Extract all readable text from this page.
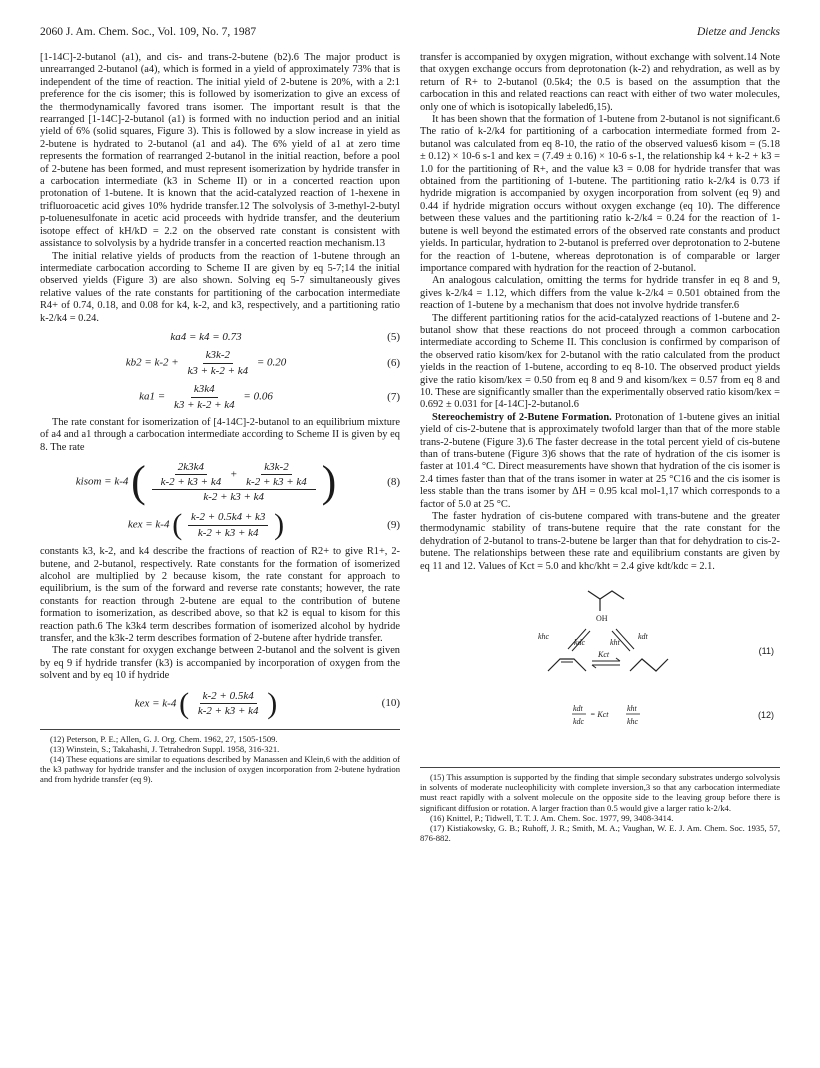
2060 J. Am. Chem. Soc., Vol. 109, No. 7, 1987	Dietze and Jencks

[1-14C]-2-butanol (a1), and cis- and trans-2-butene (b2).6 The major product is unrearranged 2-butanol (a4), which is formed in a yield of approximately 73% that is independent of the time of reaction. The initial yield of 2-butene is 20%, with a 2:1 preference for the cis isomer; this is followed by isomerization to give an excess of the thermodynamically favored trans isomer. The important result is that the rearranged [1-14C]-2-butanol (a1) is formed with no induction period and an initial yield of 6% (solid squares, Figure 3). This is followed by a slow increase in yield as 2-butene is hydrated to 2-butanol (a1 and a4). The 6% yield of a1 at zero time represents the formation of rearranged 2-butanol in the initial reaction, before a pool of 2-butene has been formed, and must represent isomerization by hydride transfer in a carbocation intermediate (k3 in Scheme II) or in a concerted reaction upon protonation of 1-butene. It is known that the acid-catalyzed reaction of 1-hexene in trifluoroacetic acid gives 10% hydride transfer.12 The solvolysis of 3-methyl-2-butyl p-toluenesulfonate in acetic acid proceeds with hydride transfer, and the deuterium isotope effect of kH/kD = 2.2 on the observed rate constant is consistent with assistance to solvolysis by a hydride transfer in a concerted reaction mechanism.13

The initial relative yields of products from the reaction of 1-butene through an intermediate carbocation according to Scheme II are given by eq 5-7;14 the initial observed yields (Figure 3) are also shown. Solving eq 5-7 simultaneously gives relative values of the rate constants for partitioning of the carbocation intermediate R4+ of 0.74, 0.18, and 0.08 for k4, k-2, and k3, respectively, and a partitioning ratio k-2/k4 = 0.24.

ka4 = k4 = 0.73	(5)
$kb2 = k-2 + \frac{k3k-2}{k3 + k-2 + k4} = 0.20$	(6)
$ka1 = \frac{k3k4}{k3 + k-2 + k4} = 0.06$	(7)

The rate constant for isomerization of [4-14C]-2-butanol to an equilibrium mixture of a4 and a1 through a carbocation intermediate according to Scheme II is given by eq 8. The rate

kisom = k-4 ( $\frac{\frac{2k3k4}{k-2 + k3 + k4} + \frac{k3k-2}{k-2 + k3 + k4}}{k-2 + k3 + k4}$ )	(8)
kex = k-4 ( $\frac{k-2 + 0.5k4 + k3}{k-2 + k3 + k4}$ )	(9)

constants k3, k-2, and k4 describe the fractions of reaction of R2+ to give R1+, 2-butene, and 2-butanol, respectively. Rate constants for the formation of isomerized alcohol are multiplied by 2 because kisom, the rate constant for approach to equilibrium, is the sum of the forward and reverse rate constants; however, the rate constants for reaction through 2-butene are equal to the contribution of butene formation to isomerization, as described above, so that k2 is equal to kisom for this reaction path.6 The k3k4 term describes formation of isomerized alcohol by hydride transfer, and the k3k-2 term describes formation of 2-butene after hydride transfer.

The rate constant for oxygen exchange between 2-butanol and the solvent is given by eq 9 if hydride transfer (k3) is accompanied by incorporation of oxygen from the solvent and by eq 10 if hydride

kex = k-4 ( $\frac{k-2 + 0.5k4}{k-2 + k3 + k4}$ )	(10)

(12) Peterson, P. E.; Allen, G. J. Org. Chem. 1962, 27, 1505-1509.

(13) Winstein, S.; Takahashi, J. Tetrahedron Suppl. 1958, 316-321.

(14) These equations are similar to equations described by Manassen and Klein,6 with the addition of the k3 pathway for hydride transfer and the inclusion of oxygen incorporation from 2-butene hydration and from hydride transfer (eq 9).

transfer is accompanied by oxygen migration, without exchange with solvent.14 Note that oxygen exchange occurs from deprotonation (k-2) and rehydration, as well as by return of R+ to 2-butanol (0.5k4; the 0.5 is based on the assumption that the carbocation in this and related reactions can react with either of two water molecules, only one of which is isotopically labeled6,15).

It has been shown that the formation of 1-butene from 2-butanol is not significant.6 The ratio of k-2/k4 for partitioning of a carbocation intermediate formed from 2-butanol was calculated from eq 8-10, the ratio of the observed values6 kisom = (5.18 ± 0.12) × 10-6 s-1 and kex = (7.49 ± 0.16) × 10-6 s-1, the relationship k4 + k-2 + k3 = 1.0 for the partitioning of R+, and the value k3 = 0.08 for hydride transfer that was obtained from the partitioning of 1-butene. The partitioning ratio k-2/k4 is 0.73 if hydride migration is accompanied by oxygen incorporation from solvent (eq 9) and 0.44 if hydride migration occurs without oxygen exchange (eq 10). The difference between these values and the partitioning ratio k-2/k4 = 0.24 for the reaction of 1-butene is well beyond the estimated errors of the observed rate constants and product yields. In particular, hydration to 2-butanol is preferred over deprotonation to 2-butene for the reaction of 1-butene, whereas deprotonation is of comparable or larger importance compared with hydration for the reaction of 2-butanol.

An analogous calculation, omitting the terms for hydride transfer in eq 8 and 9, gives k-2/k4 = 1.12, which differs from the value k-2/k4 = 0.501 obtained from the reaction of 1-butene by a mechanism that does not involve hydride transfer.6

The different partitioning ratios for the acid-catalyzed reactions of 1-butene and 2-butanol show that these reactions do not proceed through a common carbocation intermediate according to Scheme II. This conclusion is confirmed by comparison of the observed ratio kisom/kex for 2-butanol with the ratio calculated from the product yields in the reaction of 1-butene, according to eq 8-10. The observed product yields give the ratio kisom/kex = 0.50 from eq 8 and 9 and kisom/kex = 0.57 from eq 8 and 10. These are significantly smaller than the experimentally observed ratio kisom/kex = 0.692 ± 0.031 for [4-14C]-2-butanol.6

Stereochemistry of 2-Butene Formation. Protonation of 1-butene gives an initial yield of cis-2-butene that is approximately twofold larger than that of the more stable trans-2-butene (Figure 3).6 The faster decrease in the total percent yield of cis-butene than of trans-butene (Figure 3)6 shows that the rate of hydration of the cis isomer is faster at 101.4 °C. Direct measurements have shown that hydration of the cis isomer is 2.4 times faster than that of the trans isomer in water at 25 °C16 and the cis isomer is less stable than the trans isomer by ΔH = 0.95 kcal mol-1,17 which corresponds to a factor of 5.0 at 25 °C.

The faster hydration of cis-butene compared with trans-butene and the greater thermodynamic stability of trans-butene require that the rate constant for the dehydration of 2-butanol to trans-2-butene be larger than that for dehydration to cis-2-butene. The relationships between these rate and equilibrium constants are given by eq 11 and 12. Values of Kct = 5.0 and khc/kht = 2.4 give kdt/kdc = 2.1.

OH
khc
kdc	kht
kdt
Kct	(11)
kdt
kdc
= Kct
kht
khc
(12)

(15) This assumption is supported by the finding that simple secondary substrates undergo solvolysis in solvents of moderate nucleophilicity with complete inversion,3 so that any carbocation intermediate must react rapidly with a solvent molecule on the opposite side to the leaving group before there is significant diffusion or rotation. A larger fraction than 0.5 would give a larger ratio k-2/k4.

(16) Knittel, P.; Tidwell, T. T. J. Am. Chem. Soc. 1977, 99, 3408-3414.

(17) Kistiakowsky, G. B.; Ruhoff, J. R.; Smith, M. A.; Vaughan, W. E. J. Am. Chem. Soc. 1935, 57, 876-882.
